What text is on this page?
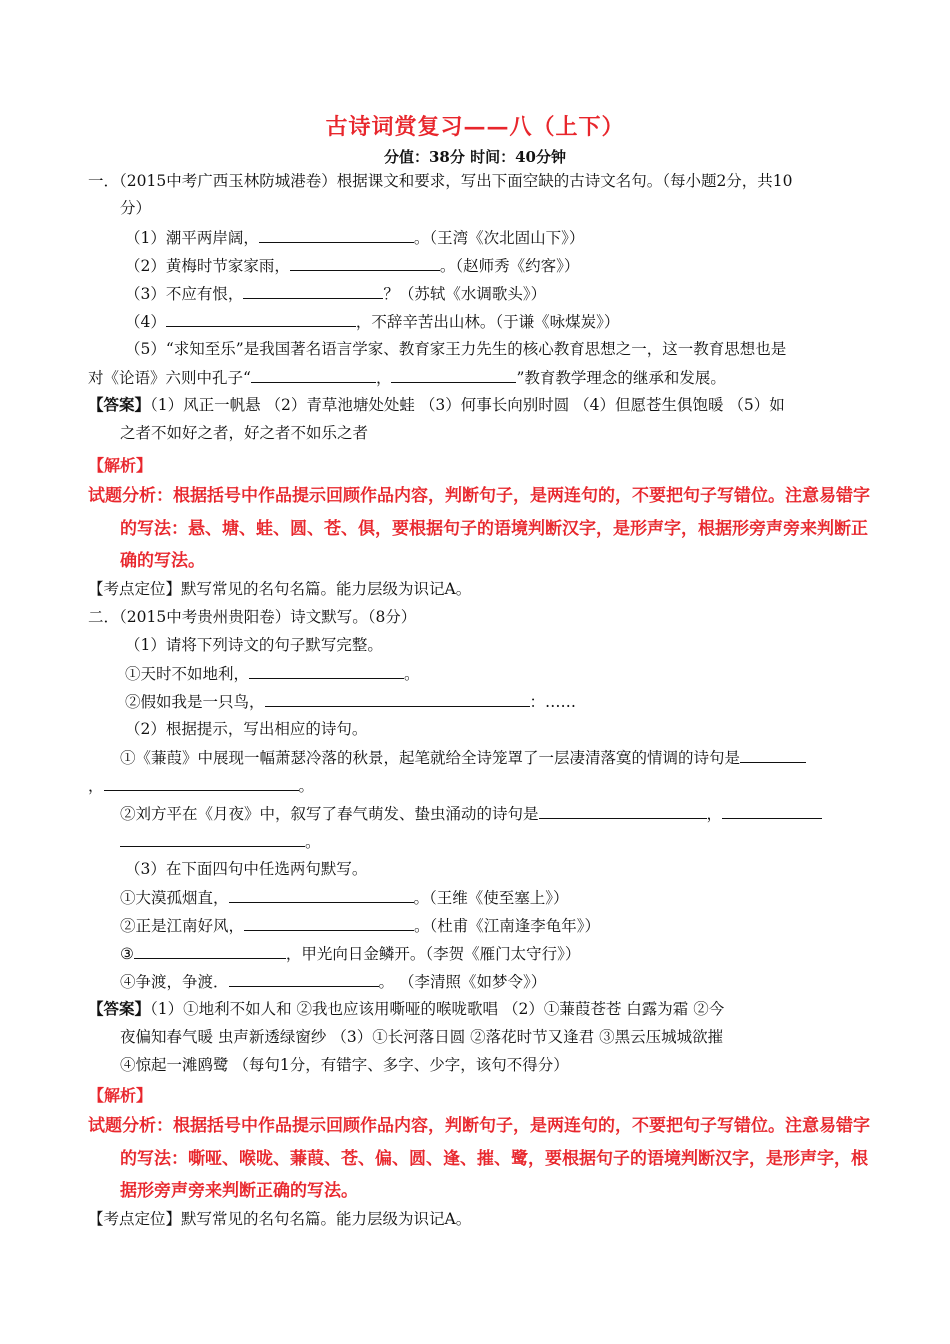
古诗词赏复习——八（上下）
分值：38分 时间：40分钟
一．（2015中考广西玉林防城港卷）根据课文和要求，写出下面空缺的古诗文名句。（每小题2分，共10
分）
（1）潮平两岸阔，	。（王湾《次北固山下》）
（2）黄梅时节家家雨，	。（赵师秀《约客》）
（3）不应有恨，	？（苏轼《水调歌头》）
（4）	，不辞辛苦出山林。（于谦《咏煤炭》）
（5）“求知至乐”是我国著名语言学家、教育家王力先生的核心教育思想之一，这一教育思想也是
对《论语》六则中孔子“	，	”教育教学理念的继承和发展。
【答案】（1）风正一帆悬 （2）青草池塘处处蛙 （3）何事长向别时圆 （4）但愿苍生俱饱暖 （5）如
之者不如好之者，好之者不如乐之者
【解析】
试题分析：根据括号中作品提示回顾作品内容，判断句子，是两连句的，不要把句子写错位。注意易错字
的写法：悬、塘、蛙、圆、苍、俱，要根据句子的语境判断汉字，是形声字，根据形旁声旁来判断正
确的写法。
【考点定位】默写常见的名句名篇。能力层级为识记A。
二．（2015中考贵州贵阳卷）诗文默写。（8分）
（1）请将下列诗文的句子默写完整。
①天时不如地利，	。
②假如我是一只鸟，	：……
（2）根据提示，写出相应的诗句。
①《蒹葭》中展现一幅萧瑟冷落的秋景，起笔就给全诗笼罩了一层凄清落寞的情调的诗句是
，	。
②刘方平在《月夜》中，叙写了春气萌发、蛰虫涌动的诗句是	，
。
（3）在下面四句中任选两句默写。
①大漠孤烟直，	。（王维《使至塞上》）
②正是江南好风，	。（杜甫《江南逢李龟年》）
③	，甲光向日金鳞开。（李贺《雁门太守行》）
④争渡，争渡．	。 （李清照《如梦令》）
【答案】（1）①地利不如人和 ②我也应该用嘶哑的喉咙歌唱 （2）①蒹葭苍苍 白露为霜 ②今
夜偏知春气暖 虫声新透绿窗纱 （3）①长河落日圆 ②落花时节又逢君 ③黑云压城城欲摧
④惊起一滩鸥鹭 （每句1分，有错字、多字、少字，该句不得分）
【解析】
试题分析：根据括号中作品提示回顾作品内容，判断句子，是两连句的，不要把句子写错位。注意易错字
的写法：嘶哑、喉咙、蒹葭、苍、偏、圆、逢、摧、鹭，要根据句子的语境判断汉字，是形声字，根
据形旁声旁来判断正确的写法。
【考点定位】默写常见的名句名篇。能力层级为识记A。
